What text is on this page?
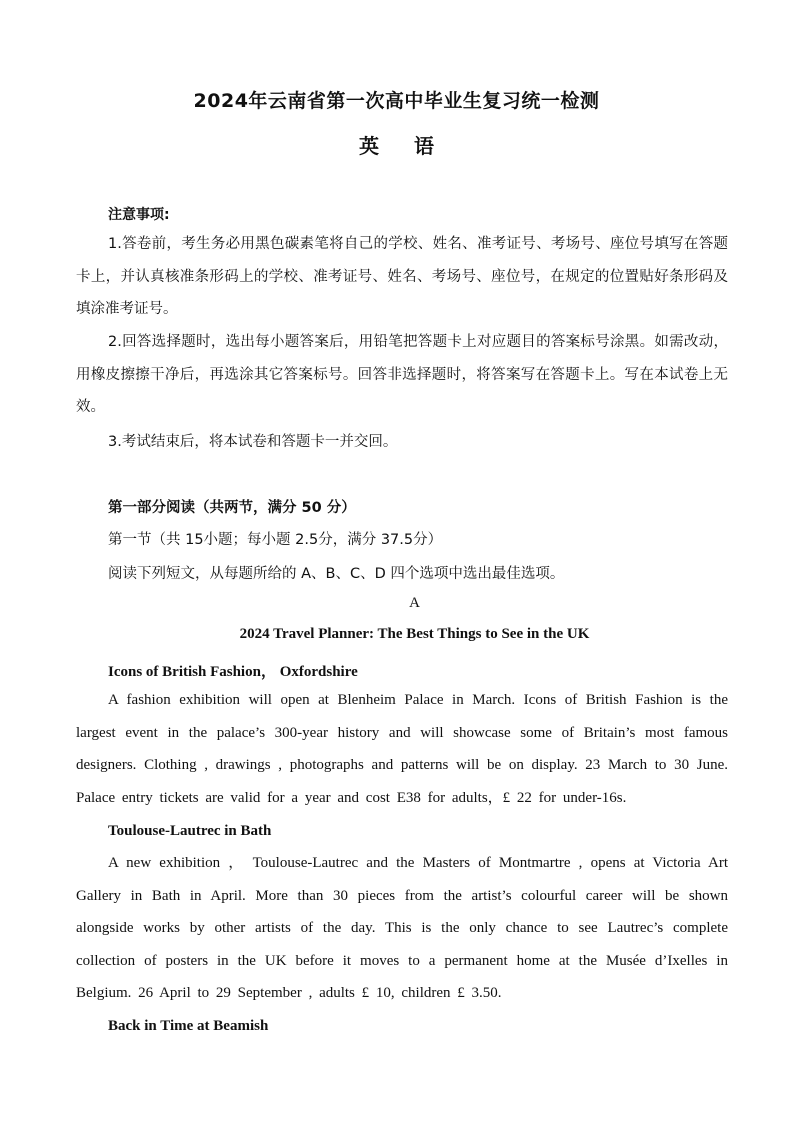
2024年云南省第一次高中毕业生复习统一检测
英 语
注意事项:
1.答卷前，考生务必用黑色碳素笔将自己的学校、姓名、准考证号、考场号、座位号填写在答题卡上，并认真核准条形码上的学校、准考证号、姓名、考场号、座位号，在规定的位置贴好条形码及填涂准考证号。
2.回答选择题时，选出每小题答案后，用铅笔把答题卡上对应题目的答案标号涂黑。如需改动，用橡皮擦擦干净后，再选涂其它答案标号。回答非选择题时，将答案写在答题卡上。写在本试卷上无效。
3.考试结束后，将本试卷和答题卡一并交回。
第一部分阅读（共两节，满分 50 分）
第一节（共 15小题；每小题 2.5分，满分 37.5分）
阅读下列短文，从每题所给的 A、B、C、D 四个选项中选出最佳选项。
A
2024 Travel Planner: The Best Things to See in the UK
Icons of British Fashion， Oxfordshire
A fashion exhibition will open at Blenheim Palace in March. Icons of British Fashion is the largest event in the palace’s 300-year history and will showcase some of Britain’s most famous designers. Clothing , drawings , photographs and patterns will be on display. 23 March to 30 June. Palace entry tickets are valid for a year and cost E38 for adults，£ 22 for under-16s.
Toulouse-Lautrec in Bath
A new exhibition ， Toulouse-Lautrec and the Masters of Montmartre , opens at Victoria Art Gallery in Bath in April. More than 30 pieces from the artist’s colourful career will be shown alongside works by other artists of the day. This is the only chance to see Lautrec’s complete collection of posters in the UK before it moves to a permanent home at the Musée d’Ixelles in Belgium. 26 April to 29 September , adults £ 10, children £ 3.50.
Back in Time at Beamish
